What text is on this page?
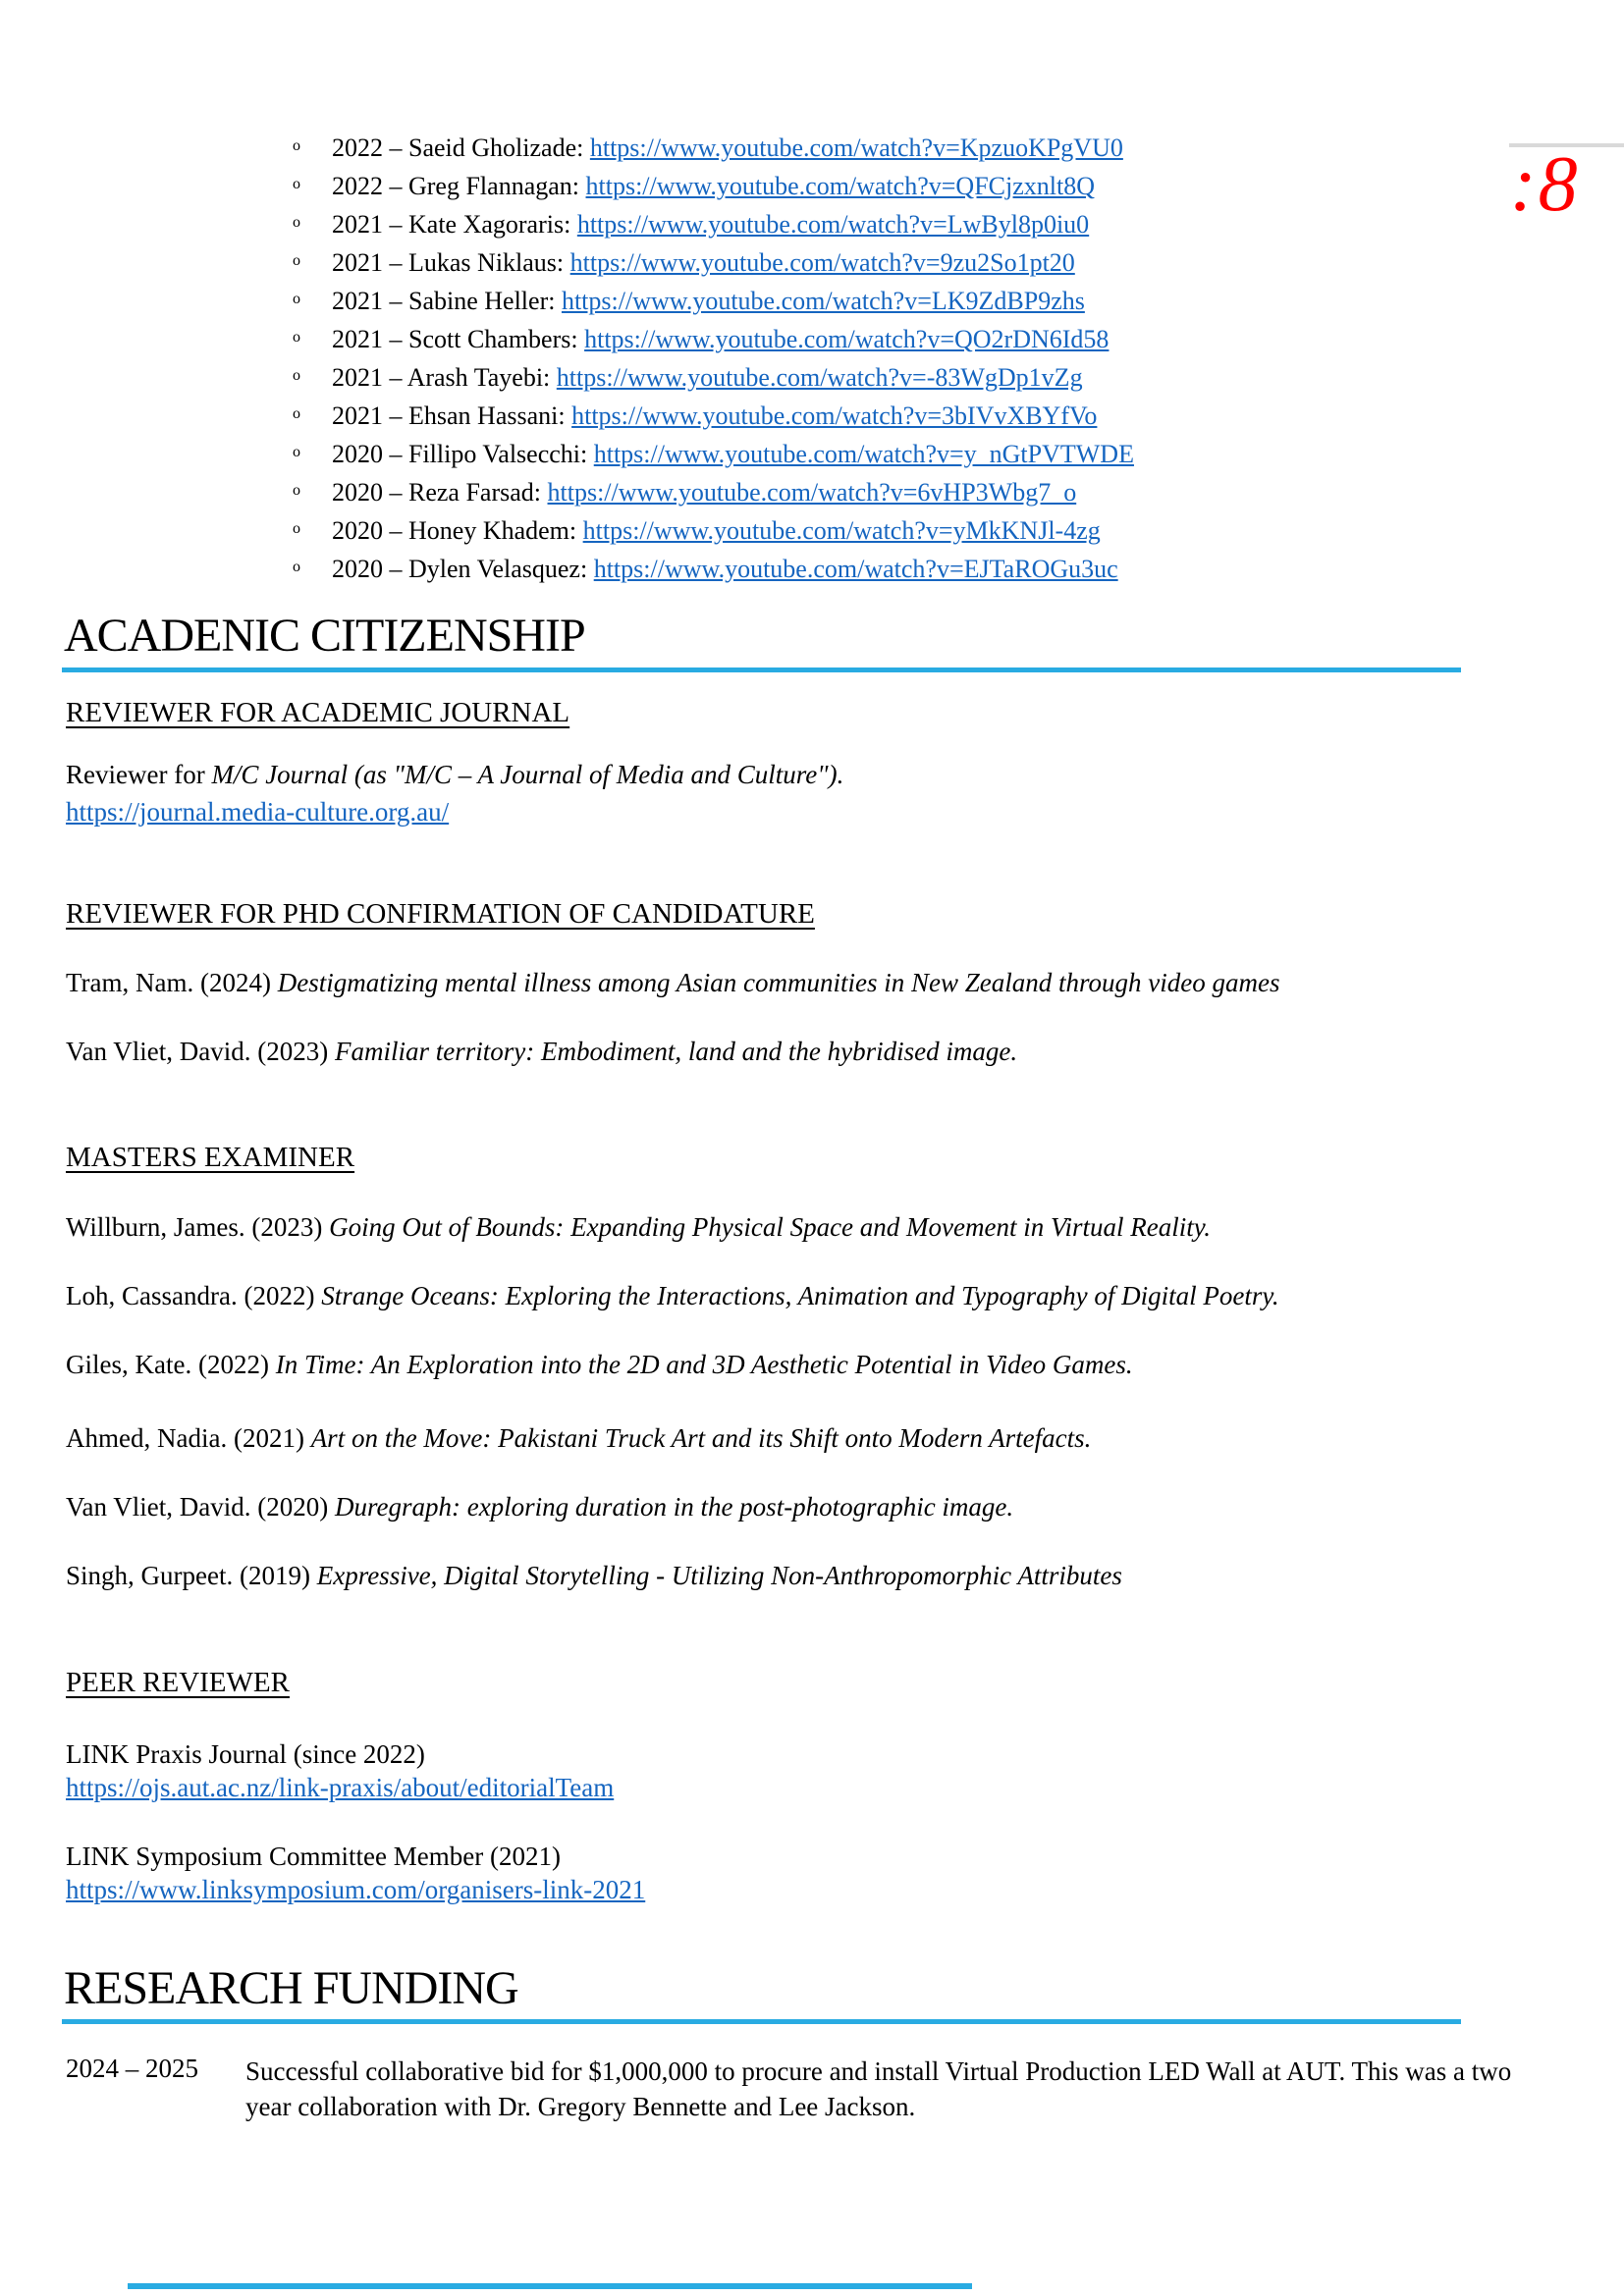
:8
o 2022 – Saeid Gholizade: https://www.youtube.com/watch?v=KpzuoKPgVU0
o 2022 – Greg Flannagan: https://www.youtube.com/watch?v=QFCjzxnlt8Q
o 2021 – Kate Xagoraris: https://www.youtube.com/watch?v=LwByl8p0iu0
o 2021 – Lukas Niklaus: https://www.youtube.com/watch?v=9zu2So1pt20
o 2021 – Sabine Heller: https://www.youtube.com/watch?v=LK9ZdBP9zhs
o 2021 – Scott Chambers: https://www.youtube.com/watch?v=QO2rDN6Id58
o 2021 – Arash Tayebi: https://www.youtube.com/watch?v=-83WgDp1vZg
o 2021 – Ehsan Hassani: https://www.youtube.com/watch?v=3bIVvXBYfVo
o 2020 – Fillipo Valsecchi: https://www.youtube.com/watch?v=y_nGtPVTWDE
o 2020 – Reza Farsad: https://www.youtube.com/watch?v=6vHP3Wbg7_o
o 2020 – Honey Khadem: https://www.youtube.com/watch?v=yMkKNJl-4zg
o 2020 – Dylen Velasquez: https://www.youtube.com/watch?v=EJTaROGu3uc
ACADENIC CITIZENSHIP
REVIEWER FOR ACADEMIC JOURNAL
Reviewer for M/C Journal (as "M/C – A Journal of Media and Culture").
https://journal.media-culture.org.au/
REVIEWER FOR PHD CONFIRMATION OF CANDIDATURE
Tram, Nam. (2024) Destigmatizing mental illness among Asian communities in New Zealand through video games
Van Vliet, David. (2023) Familiar territory: Embodiment, land and the hybridised image.
MASTERS EXAMINER
Willburn, James. (2023) Going Out of Bounds: Expanding Physical Space and Movement in Virtual Reality.
Loh, Cassandra. (2022) Strange Oceans: Exploring the Interactions, Animation and Typography of Digital Poetry.
Giles, Kate. (2022) In Time: An Exploration into the 2D and 3D Aesthetic Potential in Video Games.
Ahmed, Nadia. (2021) Art on the Move: Pakistani Truck Art and its Shift onto Modern Artefacts.
Van Vliet, David. (2020) Duregraph: exploring duration in the post-photographic image.
Singh, Gurpeet. (2019) Expressive, Digital Storytelling - Utilizing Non-Anthropomorphic Attributes
PEER REVIEWER
LINK Praxis Journal (since 2022)
https://ojs.aut.ac.nz/link-praxis/about/editorialTeam
LINK Symposium Committee Member (2021)
https://www.linksymposium.com/organisers-link-2021
RESEARCH FUNDING
2024 – 2025 Successful collaborative bid for $1,000,000 to procure and install Virtual Production LED Wall at AUT. This was a two year collaboration with Dr. Gregory Bennette and Lee Jackson.
